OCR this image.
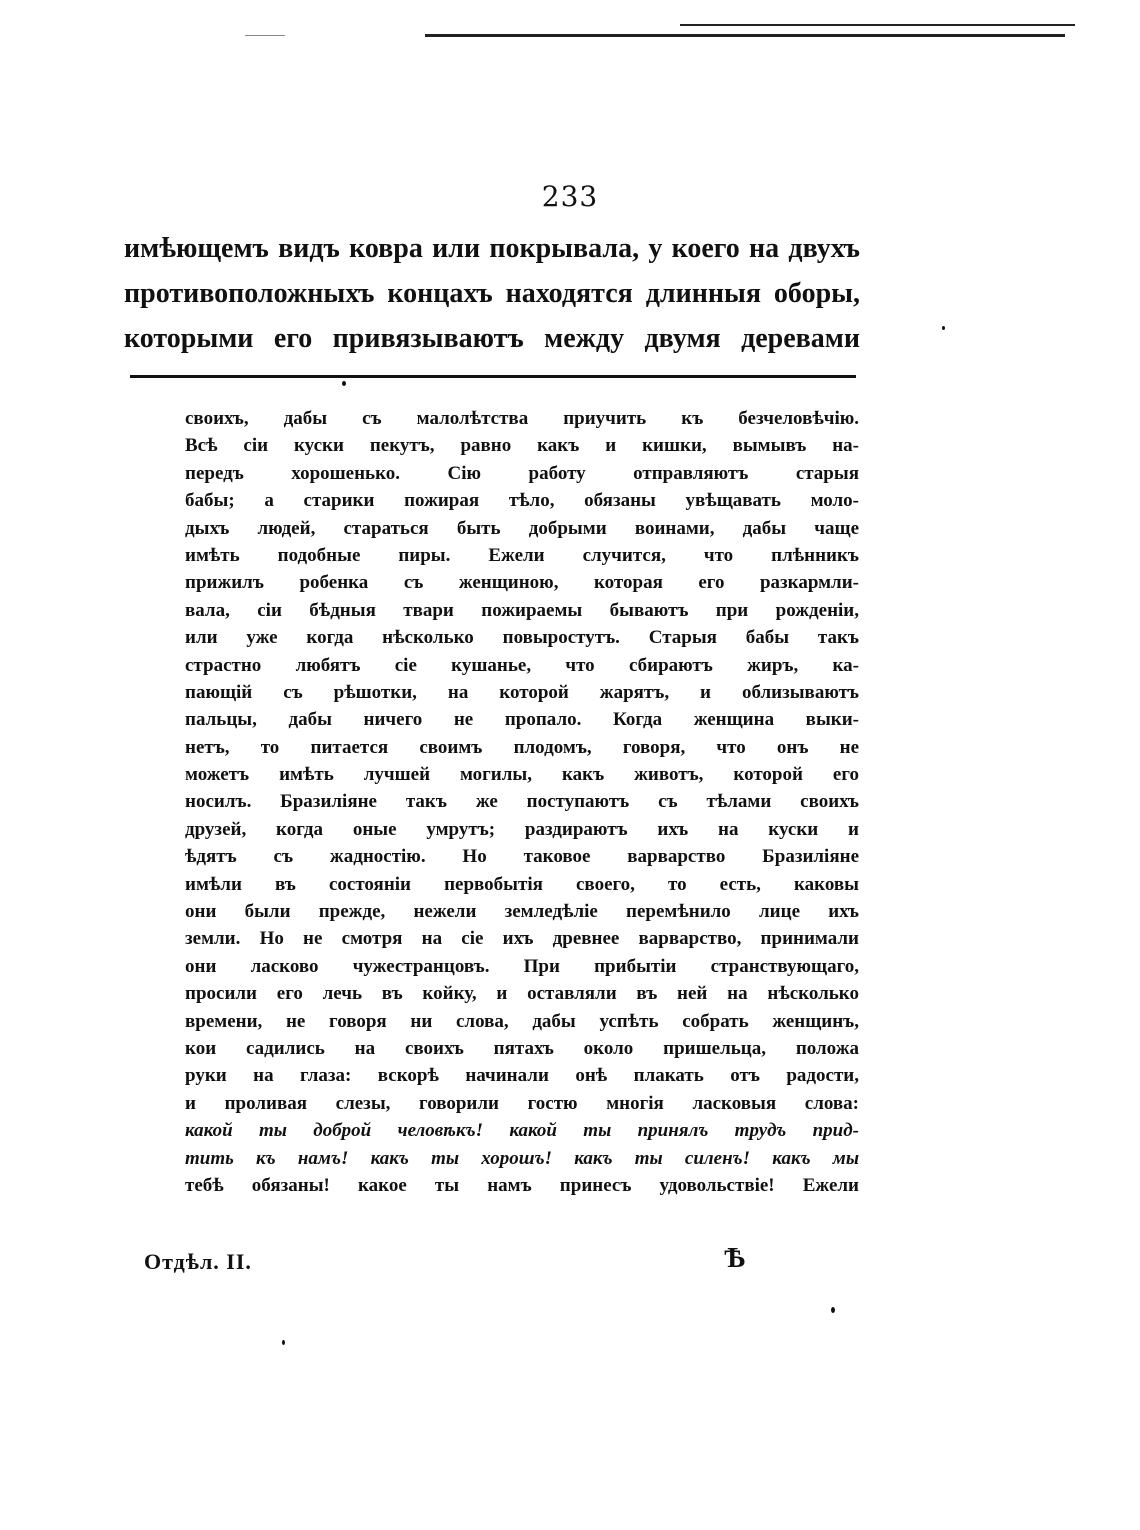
233
имѣющемъ видъ ковра или покрывала, у коего на двухъ
противоположныхъ концахъ находятся длинныя оборы,
которыми его привязываютъ между двумя деревами
своихъ, дабы съ малолѣтства приучить къ безчеловѣчію.
Всѣ сіи куски пекутъ, равно какъ и кишки, вымывъ на-
передъ хорошенько. Сію работу отправляютъ старыя
бабы; а старики пожирая тѣло, обязаны увѣщавать моло-
дыхъ людей, стараться быть добрыми воинами, дабы чаще
имѣть подобные пиры. Ежели случится, что плѣнникъ
прижилъ робенка съ женщиною, которая его разкармли-
вала, сіи бѣдныя твари пожираемы бываютъ при рожденіи,
или уже когда нѣсколько повыростутъ. Старыя бабы такъ
страстно любятъ сіе кушанье, что сбираютъ жиръ, ка-
пающій съ рѣшотки, на которой жарятъ, и облизываютъ
пальцы, дабы ничего не пропало. Когда женщина выки-
нетъ, то питается своимъ плодомъ, говоря, что онъ не
можетъ имѣть лучшей могилы, какъ животъ, которой его
носилъ. Бразиліяне такъ же поступаютъ съ тѣлами своихъ
друзей, когда оные умрутъ; раздираютъ ихъ на куски и
ѣдятъ съ жадностію. Но таковое варварство Бразиліяне
имѣли въ состояніи первобытія своего, то есть, каковы
они были прежде, нежели земледѣліе перемѣнило лице ихъ
земли. Но не смотря на сіе ихъ древнее варварство, принимали
они ласково чужестранцовъ. При прибытіи странствующаго,
просили его лечь въ койку, и оставляли въ ней на нѣсколько
времени, не говоря ни слова, дабы успѣть собрать женщинъ,
кои садились на своихъ пятахъ около пришельца, положа
руки на глаза: вскорѣ начинали онѣ плакать отъ радости,
и проливая слезы, говорили гостю многія ласковыя слова:
какой ты доброй человѣкъ! какой ты принялъ трудъ прид-
тить къ намъ! какъ ты хорошъ! какъ ты силенъ! какъ мы
тебѣ обязаны! какое ты намъ принесъ удовольствіе! Ежели
Отдѣл. II.	Ѣ
